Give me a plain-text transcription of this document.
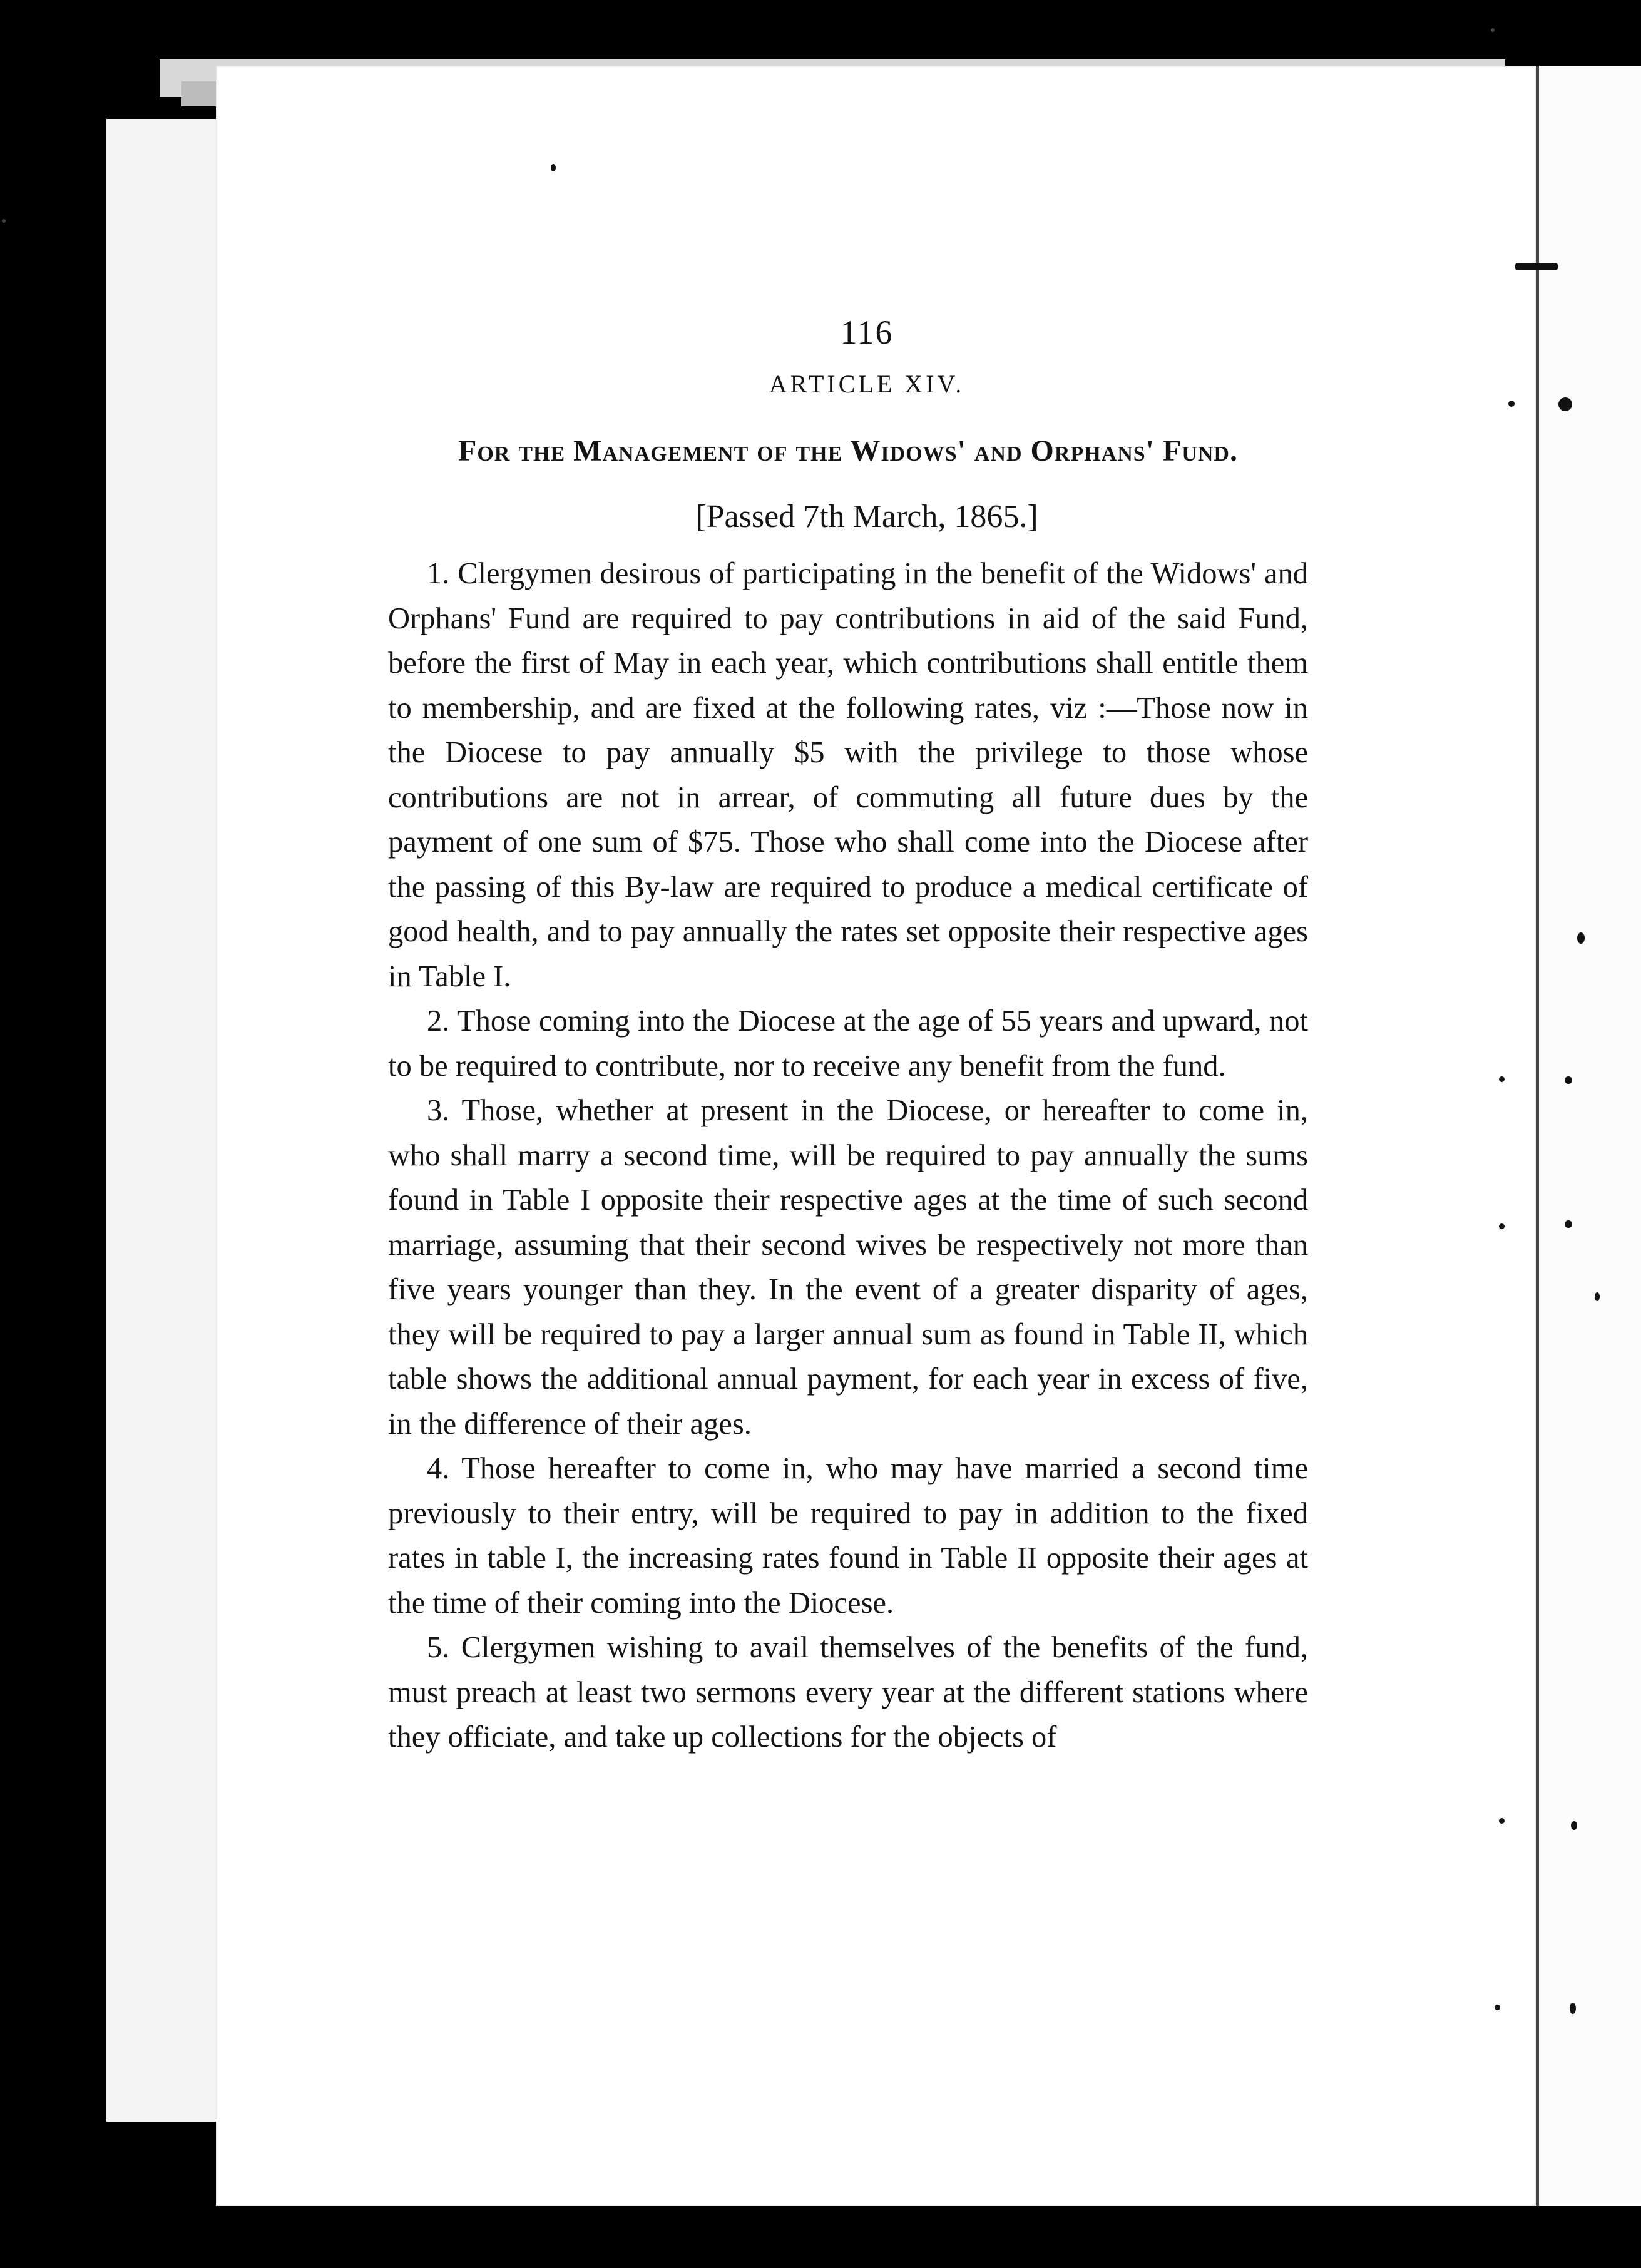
116
ARTICLE XIV.
For the Management of the Widows' and Orphans' Fund.
[Passed 7th March, 1865.]

1. Clergymen desirous of participating in the benefit of the Widows' and Orphans' Fund are required to pay contributions in aid of the said Fund, before the first of May in each year, which contributions shall entitle them to membership, and are fixed at the following rates, viz :—Those now in the Diocese to pay annually $5 with the privilege to those whose contributions are not in arrear, of commuting all future dues by the payment of one sum of $75. Those who shall come into the Diocese after the passing of this By-law are required to produce a medical certificate of good health, and to pay annually the rates set opposite their respective ages in Table I.

2. Those coming into the Diocese at the age of 55 years and upward, not to be required to contribute, nor to receive any benefit from the fund.

3. Those, whether at present in the Diocese, or hereafter to come in, who shall marry a second time, will be required to pay annually the sums found in Table I opposite their respective ages at the time of such second marriage, assuming that their second wives be respectively not more than five years younger than they. In the event of a greater disparity of ages, they will be required to pay a larger annual sum as found in Table II, which table shows the additional annual payment, for each year in excess of five, in the difference of their ages.

4. Those hereafter to come in, who may have married a second time previously to their entry, will be required to pay in addition to the fixed rates in table I, the increasing rates found in Table II opposite their ages at the time of their coming into the Diocese.

5. Clergymen wishing to avail themselves of the benefits of the fund, must preach at least two sermons every year at the different stations where they officiate, and take up collections for the objects of
